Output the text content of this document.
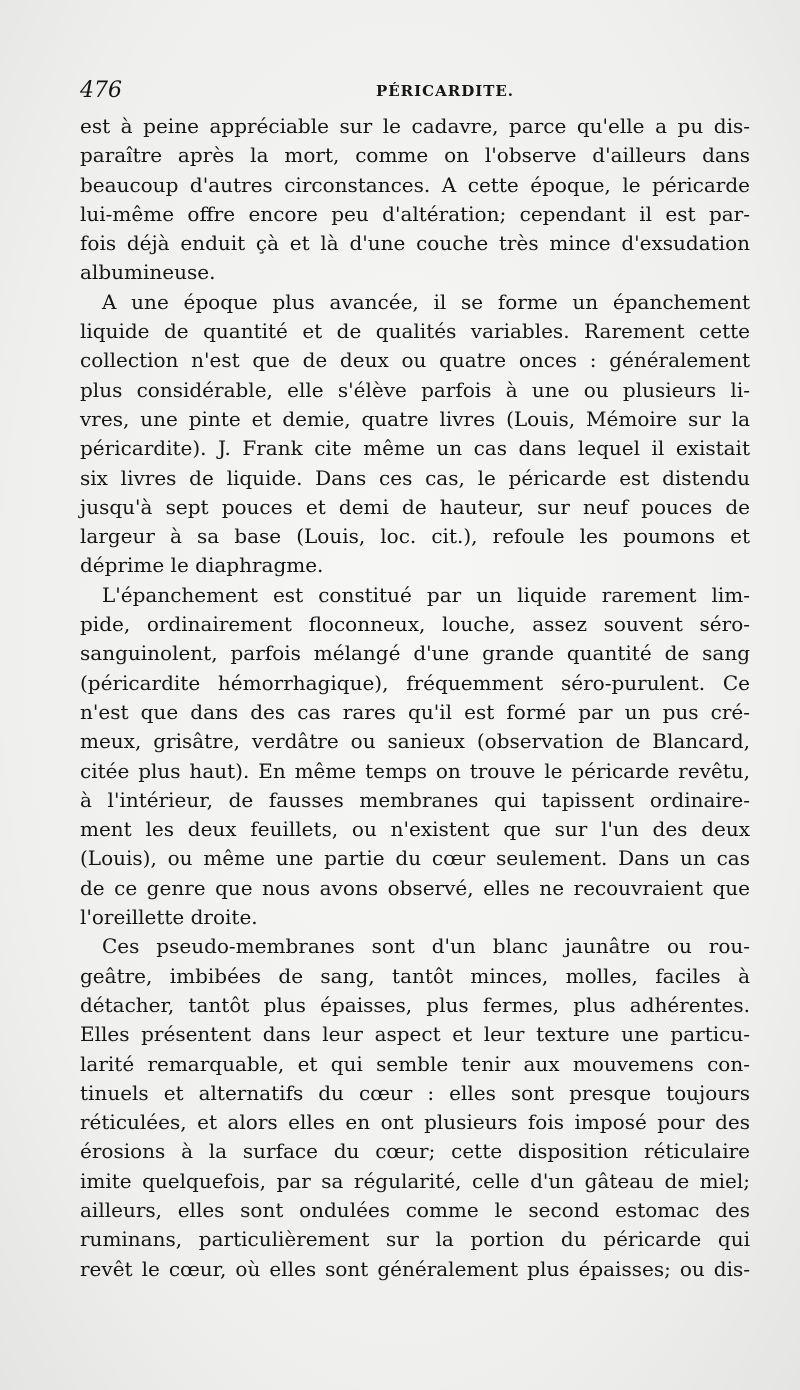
476	PÉRICARDITE.
est à peine appréciable sur le cadavre, parce qu'elle a pu dis-
paraître après la mort, comme on l'observe d'ailleurs dans
beaucoup d'autres circonstances. A cette époque, le péricarde
lui-même offre encore peu d'altération; cependant il est par-
fois déjà enduit çà et là d'une couche très mince d'exsudation
albumineuse.
A une époque plus avancée, il se forme un épanchement
liquide de quantité et de qualités variables. Rarement cette
collection n'est que de deux ou quatre onces : généralement
plus considérable, elle s'élève parfois à une ou plusieurs li-
vres, une pinte et demie, quatre livres (Louis, Mémoire sur la
péricardite). J. Frank cite même un cas dans lequel il existait
six livres de liquide. Dans ces cas, le péricarde est distendu
jusqu'à sept pouces et demi de hauteur, sur neuf pouces de
largeur à sa base (Louis, loc. cit.), refoule les poumons et
déprime le diaphragme.
L'épanchement est constitué par un liquide rarement lim-
pide, ordinairement floconneux, louche, assez souvent séro-
sanguinolent, parfois mélangé d'une grande quantité de sang
(péricardite hémorrhagique), fréquemment séro-purulent. Ce
n'est que dans des cas rares qu'il est formé par un pus cré-
meux, grisâtre, verdâtre ou sanieux (observation de Blancard,
citée plus haut). En même temps on trouve le péricarde revêtu,
à l'intérieur, de fausses membranes qui tapissent ordinaire-
ment les deux feuillets, ou n'existent que sur l'un des deux
(Louis), ou même une partie du cœur seulement. Dans un cas
de ce genre que nous avons observé, elles ne recouvraient que
l'oreillette droite.
Ces pseudo-membranes sont d'un blanc jaunâtre ou rou-
geâtre, imbibées de sang, tantôt minces, molles, faciles à
détacher, tantôt plus épaisses, plus fermes, plus adhérentes.
Elles présentent dans leur aspect et leur texture une particu-
larité remarquable, et qui semble tenir aux mouvemens con-
tinuels et alternatifs du cœur : elles sont presque toujours
réticulées, et alors elles en ont plusieurs fois imposé pour des
érosions à la surface du cœur; cette disposition réticulaire
imite quelquefois, par sa régularité, celle d'un gâteau de miel;
ailleurs, elles sont ondulées comme le second estomac des
ruminans, particulièrement sur la portion du péricarde qui
revêt le cœur, où elles sont généralement plus épaisses; ou dis-
